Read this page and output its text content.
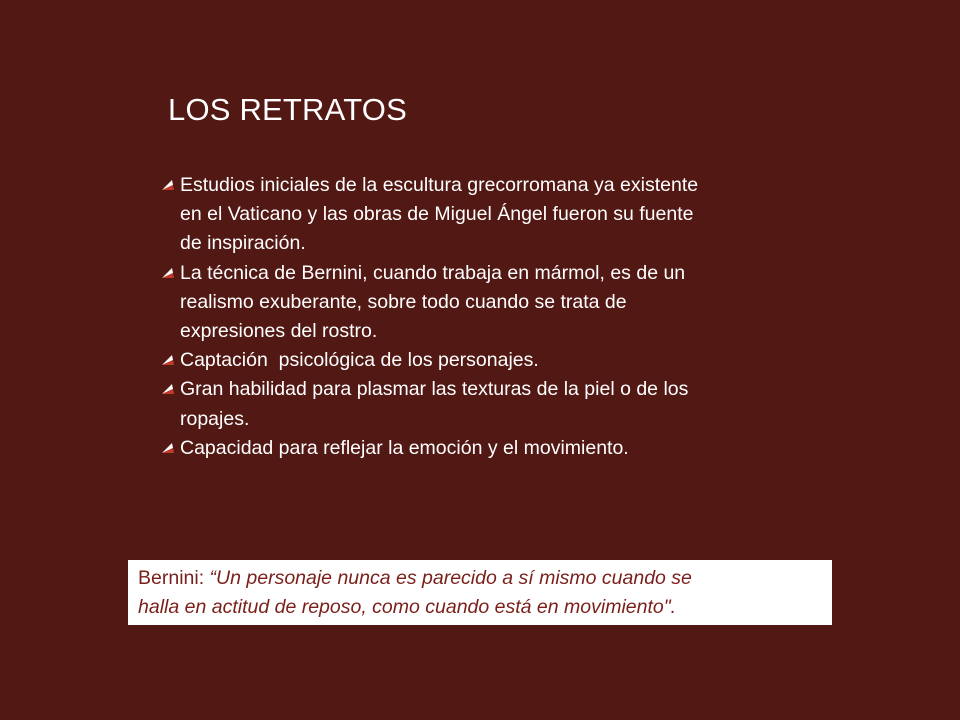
LOS RETRATOS
Estudios iniciales de la escultura grecorromana ya existente
en el Vaticano y las obras de Miguel Ángel fueron su fuente
de inspiración.
La técnica de Bernini, cuando trabaja en mármol, es de un
realismo exuberante, sobre todo cuando se trata de
expresiones del rostro.
Captación  psicológica de los personajes.
Gran habilidad para plasmar las texturas de la piel o de los
ropajes.
Capacidad para reflejar la emoción y el movimiento.
Bernini: “Un personaje nunca es parecido a sí mismo cuando se
halla en actitud de reposo, como cuando está en movimiento".
